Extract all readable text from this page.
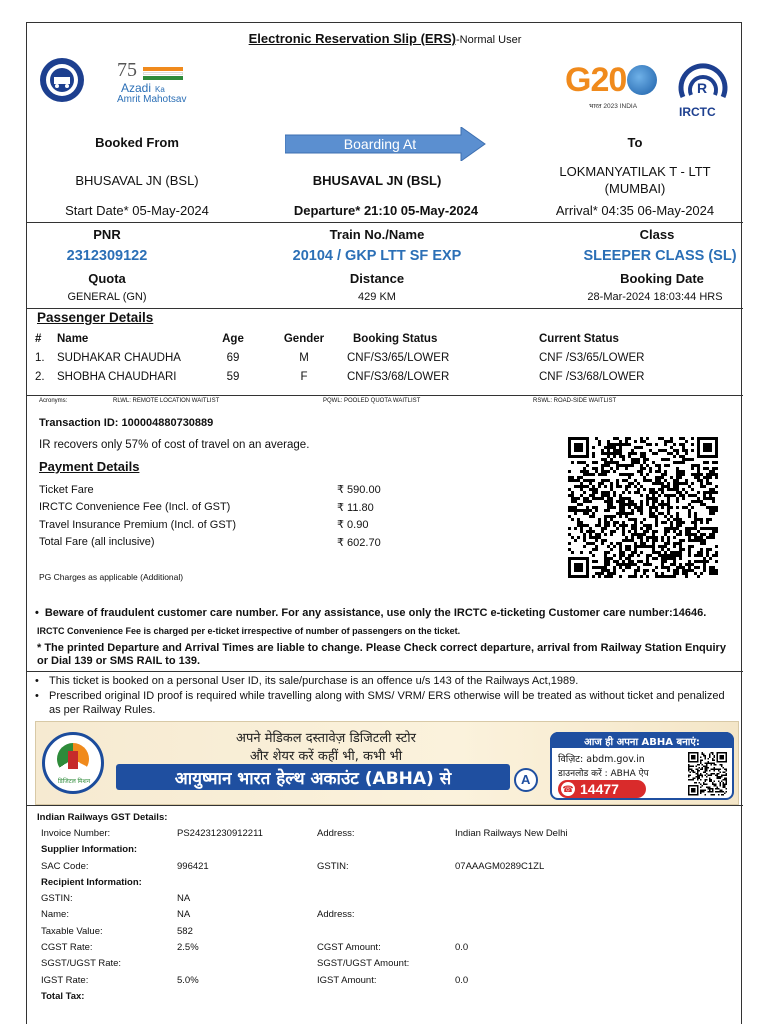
Electronic Reservation Slip (ERS)-Normal User
75
Azadi Ka
Amrit Mahotsav
G20
भारत 2023 INDIA
R
IRCTC
Booked From	Boarding At	To
BHUSAVAL JN (BSL)	BHUSAVAL JN (BSL)
LOKMANYATILAK T - LTT
(MUMBAI)
Start Date* 05-May-2024	Departure* 21:10 05-May-2024	Arrival* 04:35 06-May-2024
PNR	Train No./Name	Class
2312309122	20104 / GKP LTT SF EXP	SLEEPER CLASS (SL)
Quota	Distance	Booking Date
GENERAL (GN)	429 KM	28-Mar-2024 18:03:44 HRS
Passenger Details
#	Name	Age	Gender	Booking Status	Current Status
1.	SUDHAKAR CHAUDHA	69	M	CNF/S3/65/LOWER	CNF /S3/65/LOWER
2.	SHOBHA CHAUDHARI	59	F	CNF/S3/68/LOWER	CNF /S3/68/LOWER
Acronyms:	RLWL: REMOTE LOCATION WAITLIST	PQWL: POOLED QUOTA WAITLIST	RSWL: ROAD-SIDE WAITLIST
Transaction ID: 100004880730889
IR recovers only 57% of cost of travel on an average.
Payment Details
Ticket Fare	₹ 590.00
IRCTC Convenience Fee (Incl. of GST)	₹ 11.80
Travel Insurance Premium (Incl. of GST)	₹ 0.90
Total Fare (all inclusive)	₹ 602.70
PG Charges as applicable (Additional)
• Beware of fraudulent customer care number. For any assistance, use only the IRCTC e-ticketing Customer care number:14646.
IRCTC Convenience Fee is charged per e-ticket irrespective of number of passengers on the ticket.
* The printed Departure and Arrival Times are liable to change. Please Check correct departure, arrival from Railway Station Enquiry or Dial 139 or SMS RAIL to 139.
• This ticket is booked on a personal User ID, its sale/purchase is an offence u/s 143 of the Railways Act,1989.
• Prescribed original ID proof is required while travelling along with SMS/ VRM/ ERS otherwise will be treated as without ticket and penalized as per Railway Rules.
डिजिटल मिशन
अपने मेडिकल दस्तावेज़ डिजिटली स्टोर
और शेयर करें कहीं भी, कभी भी
आयुष्मान भारत हेल्थ अकाउंट (ABHA) से	A
आज ही अपना ABHA बनाएं:
विज़िट: abdm.gov.in
डाउनलोड करें : ABHA ऐप
☎ 14477
Indian Railways GST Details:			
Invoice Number:	PS24231230912211	Address:	Indian Railways New Delhi
Supplier Information:			
SAC Code:	996421	GSTIN:	07AAAGM0289C1ZL
Recipient Information:			
GSTIN:	NA		
Name:	NA	Address:	
Taxable Value:	582		
CGST Rate:	2.5%	CGST Amount:	0.0
SGST/UGST Rate:		SGST/UGST Amount:	
IGST Rate:	5.0%	IGST Amount:	0.0
Total Tax:			
